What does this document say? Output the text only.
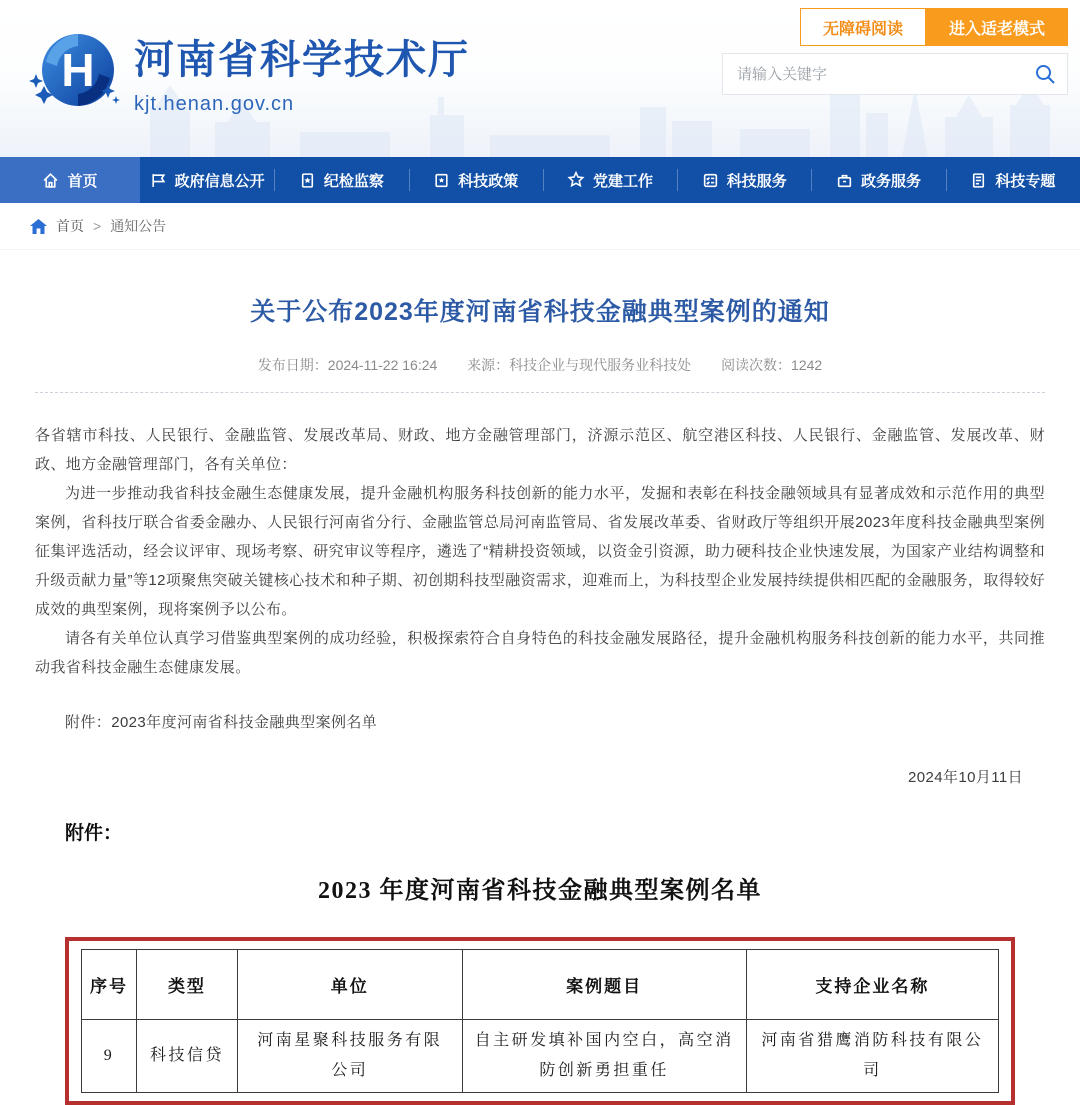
无障碍阅读	进入适老模式
H 河南省科学技术厅
kjt.henan.gov.cn
请输入关键字
首页	政府信息公开	纪检监察	科技政策	党建工作	科技服务	政务服务	科技专题
首页 > 通知公告
关于公布2023年度河南省科技金融典型案例的通知
发布日期：2024-11-22 16:24 来源：科技企业与现代服务业科技处 阅读次数：1242

各省辖市科技、人民银行、金融监管、发展改革局、财政、地方金融管理部门，济源示范区、航空港区科技、人民银行、金融监管、发展改革、财政、地方金融管理部门，各有关单位：

为进一步推动我省科技金融生态健康发展，提升金融机构服务科技创新的能力水平，发掘和表彰在科技金融领域具有显著成效和示范作用的典型案例，省科技厅联合省委金融办、人民银行河南省分行、金融监管总局河南监管局、省发展改革委、省财政厅等组织开展2023年度科技金融典型案例征集评选活动，经会议评审、现场考察、研究审议等程序，遴选了“精耕投资领域，以资金引资源，助力硬科技企业快速发展，为国家产业结构调整和升级贡献力量”等12项聚焦突破关键核心技术和种子期、初创期科技型融资需求，迎难而上，为科技型企业发展持续提供相匹配的金融服务，取得较好成效的典型案例，现将案例予以公布。

请各有关单位认真学习借鉴典型案例的成功经验，积极探索符合自身特色的科技金融发展路径，提升金融机构服务科技创新的能力水平，共同推动我省科技金融生态健康发展。

附件：2023年度河南省科技金融典型案例名单

2024年10月11日
附件：
2023 年度河南省科技金融典型案例名单
序号	类型	单位	案例题目	支持企业名称
9	科技信贷	河南星聚科技服务有限公司	自主研发填补国内空白，高空消防创新勇担重任	河南省猎鹰消防科技有限公司
